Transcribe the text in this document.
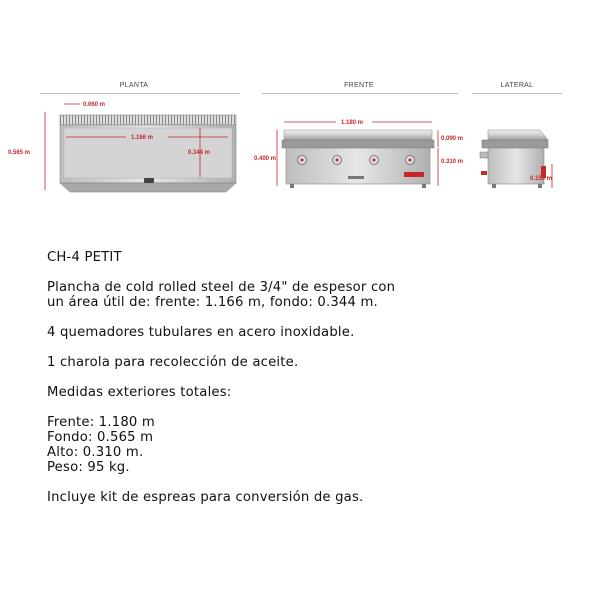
PLANTA	FRENTE	LATERAL
0.060 m
0.565 m
1.166 m
0.344 m
1.180 m
0.400 m
0.090 m
0.310 m
0.150 m

CH-4 PETIT

Plancha de cold rolled steel de 3/4" de espesor con

un área útil de: frente: 1.166 m, fondo: 0.344 m.

4 quemadores tubulares en acero inoxidable.

1 charola para recolección de aceite.

Medidas exteriores totales:

Frente: 1.180 m

Fondo: 0.565 m

Alto: 0.310 m.

Peso: 95 kg.

Incluye kit de espreas para conversión de gas.
